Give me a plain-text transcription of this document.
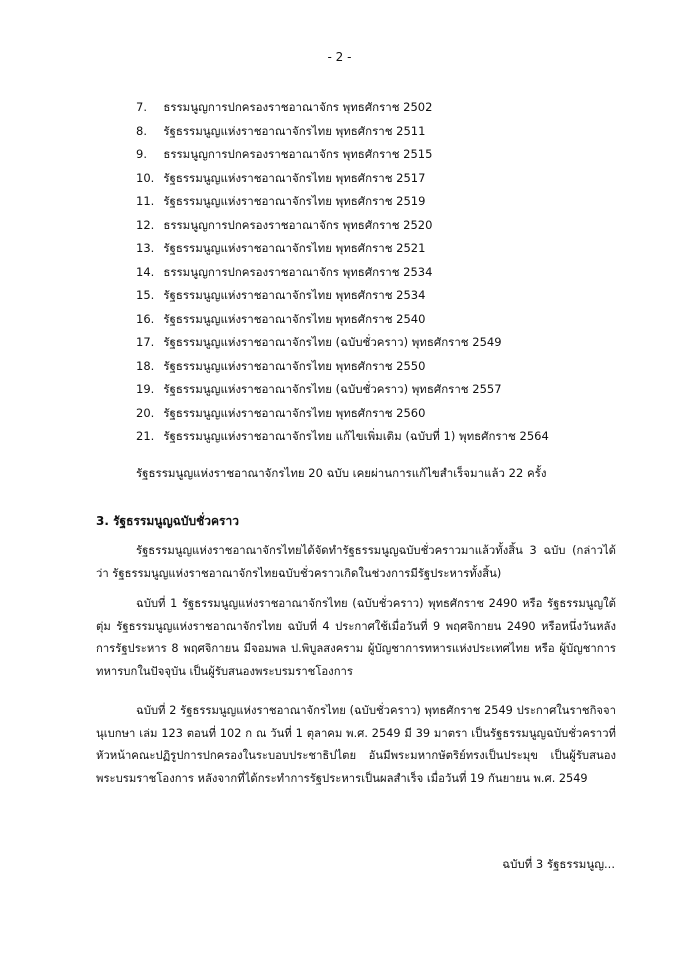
- 2 -
7. ธรรมนูญการปกครองราชอาณาจักร พุทธศักราช 2502
8. รัฐธรรมนูญแห่งราชอาณาจักรไทย พุทธศักราช 2511
9. ธรรมนูญการปกครองราชอาณาจักร พุทธศักราช 2515
10. รัฐธรรมนูญแห่งราชอาณาจักรไทย พุทธศักราช 2517
11. รัฐธรรมนูญแห่งราชอาณาจักรไทย พุทธศักราช 2519
12. ธรรมนูญการปกครองราชอาณาจักร พุทธศักราช 2520
13. รัฐธรรมนูญแห่งราชอาณาจักรไทย พุทธศักราช 2521
14. ธรรมนูญการปกครองราชอาณาจักร พุทธศักราช 2534
15. รัฐธรรมนูญแห่งราชอาณาจักรไทย พุทธศักราช 2534
16. รัฐธรรมนูญแห่งราชอาณาจักรไทย พุทธศักราช 2540
17. รัฐธรรมนูญแห่งราชอาณาจักรไทย (ฉบับชั่วคราว) พุทธศักราช 2549
18. รัฐธรรมนูญแห่งราชอาณาจักรไทย พุทธศักราช 2550
19. รัฐธรรมนูญแห่งราชอาณาจักรไทย (ฉบับชั่วคราว) พุทธศักราช 2557
20. รัฐธรรมนูญแห่งราชอาณาจักรไทย พุทธศักราช 2560
21. รัฐธรรมนูญแห่งราชอาณาจักรไทย แก้ไขเพิ่มเติม (ฉบับที่ 1) พุทธศักราช 2564
รัฐธรรมนูญแห่งราชอาณาจักรไทย 20 ฉบับ เคยผ่านการแก้ไขสำเร็จมาแล้ว 22 ครั้ง
3. รัฐธรรมนูญฉบับชั่วคราว

รัฐธรรมนูญแห่งราชอาณาจักรไทยได้จัดทำรัฐธรรมนูญฉบับชั่วคราวมาแล้วทั้งสิ้น 3 ฉบับ (กล่าวได้ว่า รัฐธรรมนูญแห่งราชอาณาจักรไทยฉบับชั่วคราวเกิดในช่วงการมีรัฐประหารทั้งสิ้น)

ฉบับที่ 1 รัฐธรรมนูญแห่งราชอาณาจักรไทย (ฉบับชั่วคราว) พุทธศักราช 2490 หรือ รัฐธรรมนูญใต้ตุ่ม รัฐธรรมนูญแห่งราชอาณาจักรไทย ฉบับที่ 4 ประกาศใช้เมื่อวันที่ 9 พฤศจิกายน 2490 หรือหนึ่งวันหลังการรัฐประหาร 8 พฤศจิกายน มีจอมพล ป.พิบูลสงคราม ผู้บัญชาการทหารแห่งประเทศไทย หรือ ผู้บัญชาการทหารบกในปัจจุบัน เป็นผู้รับสนองพระบรมราชโองการ

ฉบับที่ 2 รัฐธรรมนูญแห่งราชอาณาจักรไทย (ฉบับชั่วคราว) พุทธศักราช 2549 ประกาศในราชกิจจานุเบกษา เล่ม 123 ตอนที่ 102 ก ณ วันที่ 1 ตุลาคม พ.ศ. 2549 มี 39 มาตรา เป็นรัฐธรรมนูญฉบับชั่วคราวที่หัวหน้าคณะปฏิรูปการปกครองในระบอบประชาธิปไตย อันมีพระมหากษัตริย์ทรงเป็นประมุข เป็นผู้รับสนองพระบรมราชโองการ หลังจากที่ได้กระทำการรัฐประหารเป็นผลสำเร็จ เมื่อวันที่ 19 กันยายน พ.ศ. 2549

ฉบับที่ 3 รัฐธรรมนูญ...
